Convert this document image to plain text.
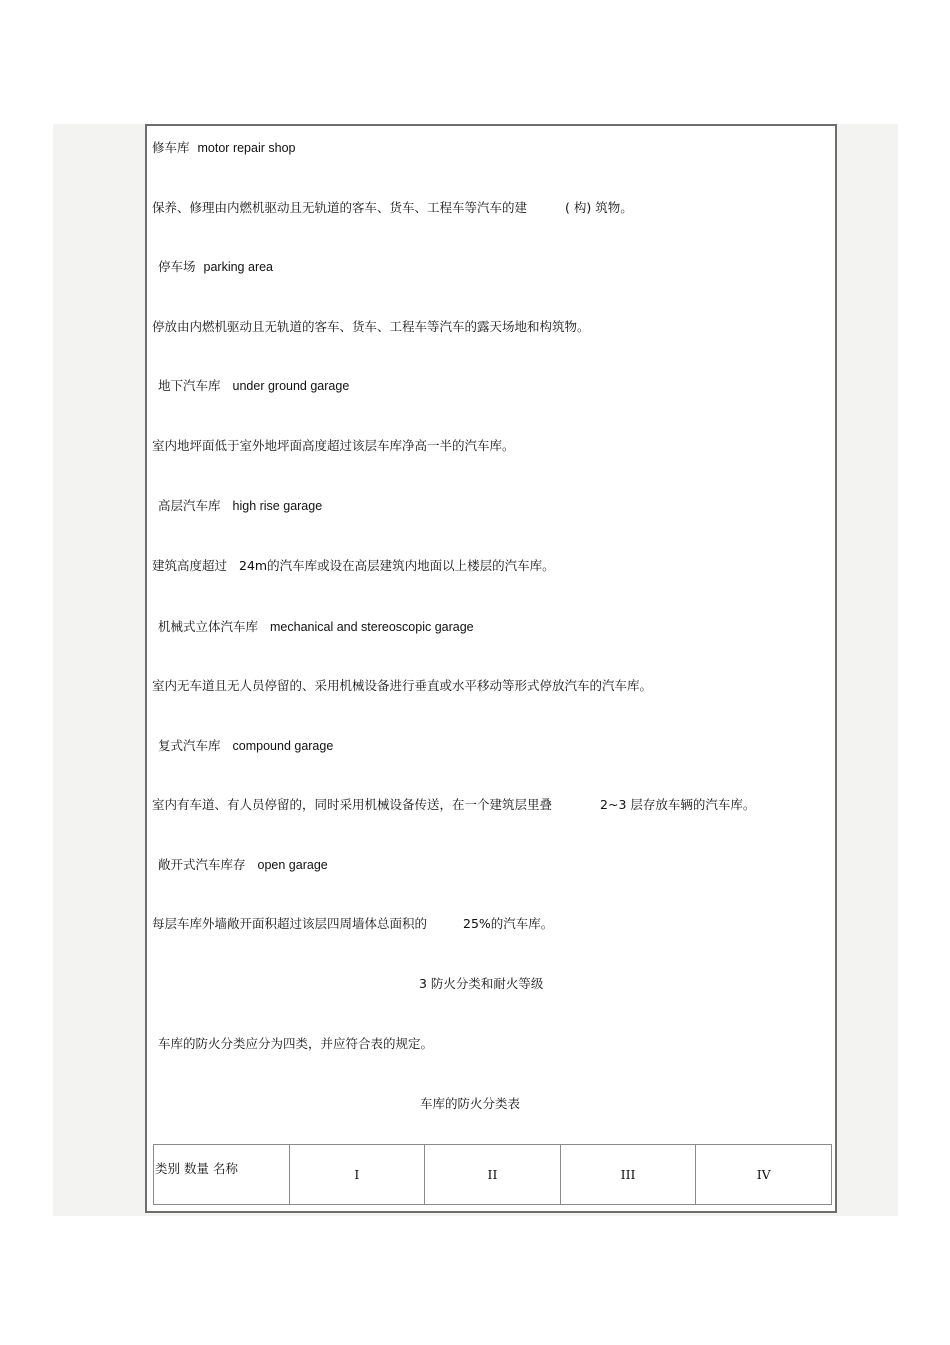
修车库 motor repair shop
保养、修理由内燃机驱动且无轨道的客车、货车、工程车等汽车的建	( 构) 筑物。
停车场 parking area
停放由内燃机驱动且无轨道的客车、货车、工程车等汽车的露天场地和构筑物。
地下汽车库 under ground garage
室内地坪面低于室外地坪面高度超过该层车库净高一半的汽车库。
高层汽车库 high rise garage
建筑高度超过 24m的汽车库或设在高层建筑内地面以上楼层的汽车库。
机械式立体汽车库 mechanical and stereoscopic garage
室内无车道且无人员停留的、采用机械设备进行垂直或水平移动等形式停放汽车的汽车库。
复式汽车库 compound garage
室内有车道、有人员停留的，同时采用机械设备传送，在一个建筑层里叠	2~3 层存放车辆的汽车库。
敞开式汽车库存 open garage
每层车库外墙敞开面积超过该层四周墙体总面积的	25%的汽车库。
3 防火分类和耐火等级
车库的防火分类应分为四类，并应符合表的规定。
车库的防火分类表
类别 数量 名称	I	II	III	IV
